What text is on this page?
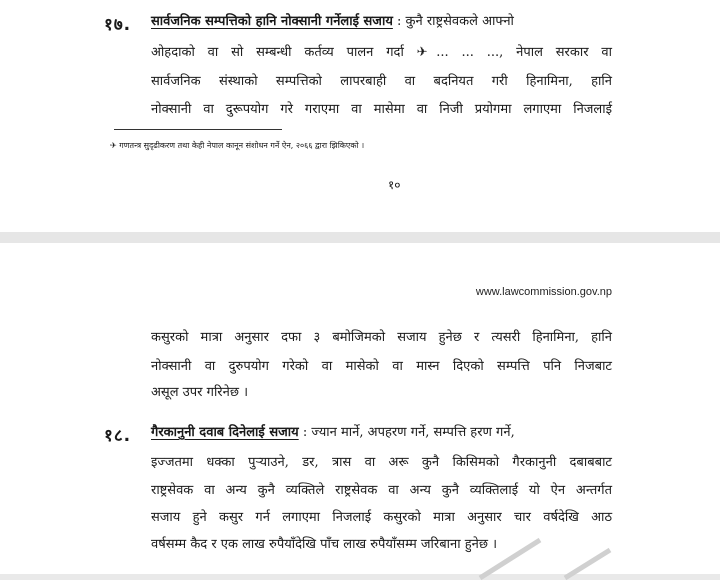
१७. सार्वजनिक सम्पत्तिको हानि नोक्सानी गर्नेलाई सजाय : कुनै राष्ट्रसेवकले आफ्नो
ओहदाको वा सो सम्बन्धी कर्तव्य पालन गर्दा ✈... ... ..., नेपाल सरकार वा
सार्वजनिक संस्थाको सम्पत्तिको लापरबाही वा बदनियत गरी हिनामिना, हानि
नोक्सानी वा दुरूपयोग गरे गराएमा वा मासेमा वा निजी प्रयोगमा लगाएमा निजलाई
✈ गणतन्त्र सुदृढीकरण तथा केही नेपाल कानून संशोधन गर्ने ऐन, २०६६ द्वारा झिकिएको ।
१०
www.lawcommission.gov.np
कसुरको मात्रा अनुसार दफा ३ बमोजिमको सजाय हुनेछ र त्यसरी हिनामिना, हानि
नोक्सानी वा दुरुपयोग गरेको वा मासेको वा मास्न दिएको सम्पत्ति पनि निजबाट
असूल उपर गरिनेछ ।
१८. गैरकानुनी दवाब दिनेलाई सजाय : ज्यान मार्ने, अपहरण गर्ने, सम्पत्ति हरण गर्ने,
इज्जतमा धक्का पुऱ्याउने, डर, त्रास वा अरू कुनै किसिमको गैरकानुनी दबाबबाट
राष्ट्रसेवक वा अन्य कुनै व्यक्तिले राष्ट्रसेवक वा अन्य कुनै व्यक्तिलाई यो ऐन अन्तर्गत
सजाय हुने कसुर गर्न लगाएमा निजलाई कसुरको मात्रा अनुसार चार वर्षदेखि आठ
वर्षसम्म कैद र एक लाख रुपैयाँदेखि पाँच लाख रुपैयाँसम्म जरिबाना हुनेछ ।
